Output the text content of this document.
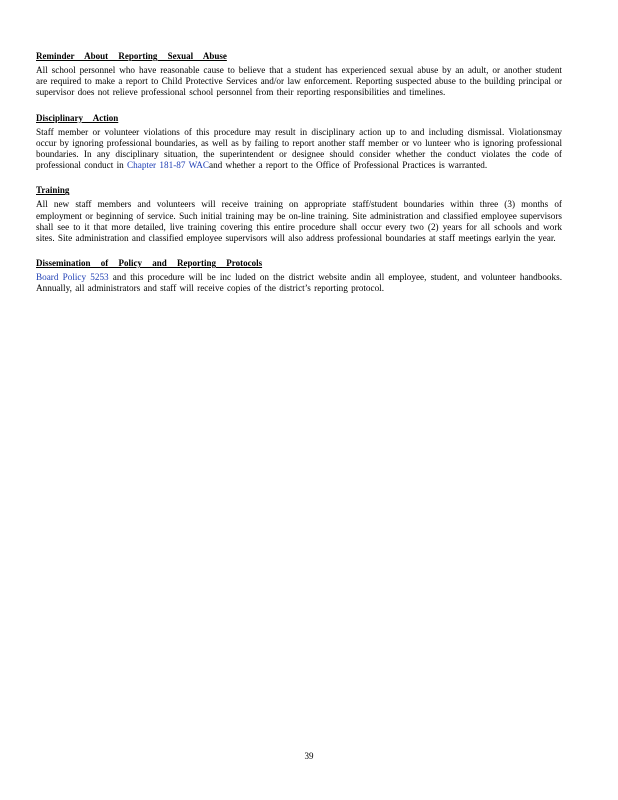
Reminder About Reporting Sexual Abuse
All school personnel who have reasonable cause to believe that a student has experienced sexual abuse by an adult, or another student are required to make a report to Child Protective Services and/or law enforcement. Reporting suspected abuse to the building principal or supervisor does not relieve professional school personnel from their reporting responsibilities and timelines.
Disciplinary Action
Staff member or volunteer violations of this procedure may result in disciplinary action up to and including dismissal. Violationsmay occur by ignoring professional boundaries, as well as by failing to report another staff member or vo lunteer who is ignoring professional boundaries. In any disciplinary situation, the superintendent or designee should consider whether the conduct violates the code of professional conduct in Chapter 181-87 WACand whether a report to the Office of Professional Practices is warranted.
Training
All new staff members and volunteers will receive training on appropriate staff/student boundaries within three (3) months of employment or beginning of service. Such initial training may be on-line training. Site administration and classified employee supervisors shall see to it that more detailed, live training covering this entire procedure shall occur every two (2) years for all schools and work sites. Site administration and classified employee supervisors will also address professional boundaries at staff meetings earlyin the year.
Dissemination of Policy and Reporting Protocols
Board Policy 5253 and this procedure will be inc luded on the district website andin all employee, student, and volunteer handbooks. Annually, all administrators and staff will receive copies of the district’s reporting protocol.
39
